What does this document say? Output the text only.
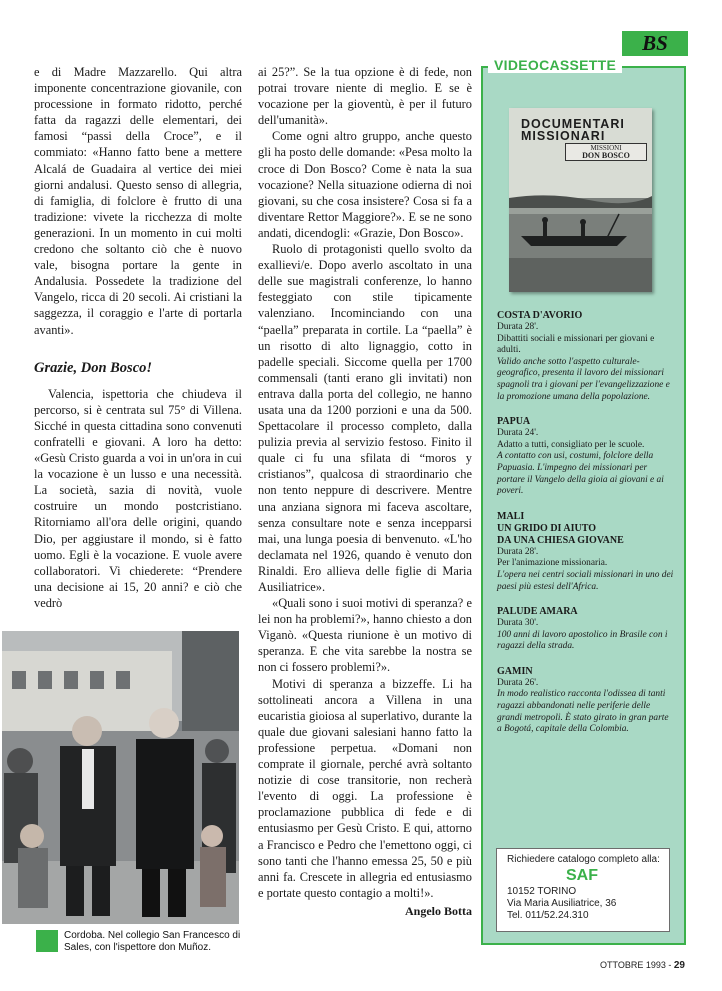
e di Madre Mazzarello. Qui altra imponente concentrazione giovanile, con processione in formato ridotto, perché fatta da ragazzi delle elementari, dei famosi “passi della Croce”, e il commiato: «Hanno fatto bene a mettere Alcalá de Guadaira al vertice dei miei giorni andalusi. Questo senso di allegria, di famiglia, di folclore è frutto di una tradizione: vivete la ricchezza di molte generazioni. In un momento in cui molti credono che soltanto ciò che è nuovo vale, bisogna portare la gente in Andalusia. Possedete la tradizione del Vangelo, ricca di 20 secoli. Ai cristiani la saggezza, il coraggio e l'arte di portarla avanti».

Grazie, Don Bosco!

Valencia, ispettoria che chiudeva il percorso, si è centrata sul 75° di Villena. Sicché in questa cittadina sono convenuti confratelli e giovani. A loro ha detto: «Gesù Cristo guarda a voi in un'ora in cui la vocazione è un lusso e una necessità. La società, sazia di novità, vuole costruire un mondo postcristiano. Ritorniamo all'ora delle origini, quando Dio, per aggiustare il mondo, si è fatto uomo. Egli è la vocazione. E vuole avere collaboratori. Vi chiederete: “Prendere una decisione ai 15, 20 anni? e ciò che vedrò

Cordoba. Nel collegio San Francesco di Sales, con l'ispettore don Muñoz.

ai 25?”. Se la tua opzione è di fede, non potrai trovare niente di meglio. E se è vocazione per la gioventù, è per il futuro dell'umanità».

Come ogni altro gruppo, anche questo gli ha posto delle domande: «Pesa molto la croce di Don Bosco? Come è nata la sua vocazione? Nella situazione odierna di noi giovani, su che cosa insistere? Cosa si fa a diventare Rettor Maggiore?». E se ne sono andati, dicendogli: «Grazie, Don Bosco».

Ruolo di protagonisti quello svolto da exallievi/e. Dopo averlo ascoltato in una delle sue magistrali conferenze, lo hanno festeggiato con stile tipicamente valenziano. Incominciando con una “paella” preparata in cortile. La “paella” è un risotto di alto lignaggio, cotto in padelle speciali. Siccome quella per 1700 commensali (tanti erano gli invitati) non entrava dalla porta del collegio, ne hanno usata una da 1200 porzioni e una da 500. Spettacolare il processo completo, dalla pulizia previa al servizio festoso. Finito il quale ci fu una sfilata di “moros y cristianos”, qualcosa di straordinario che non tento neppure di descrivere. Mentre una anziana signora mi faceva ascoltare, senza consultare note e senza incepparsi mai, una lunga poesia di benvenuto. «L'ho declamata nel 1926, quando è venuto don Rinaldi. Ero allieva delle figlie di Maria Ausiliatrice».

«Quali sono i suoi motivi di speranza? e lei non ha problemi?», hanno chiesto a don Viganò. «Questa riunione è un motivo di speranza. E che vita sarebbe la nostra se non ci fossero problemi?».

Motivi di speranza a bizzeffe. Li ha sottolineati ancora a Villena in una eucaristia gioiosa al superlativo, durante la quale due giovani salesiani hanno fatto la professione perpetua. «Domani non comprate il giornale, perché avrà soltanto notizie di cose transitorie, non recherà l'evento di oggi. La professione è proclamazione pubblica di fede e di entusiasmo per Gesù Cristo. E qui, attorno a Francisco e Pedro che l'emettono oggi, ci sono tanti che l'hanno emessa 25, 50 e più anni fa. Crescete in allegria ed entusiasmo e portate questo contagio a molti!».

Angelo Botta
BS
VIDEOCASSETTE
DOCUMENTARI
MISSIONARI
MISSIONI
DON BOSCO
COSTA D'AVORIO
Durata 28'.
Dibattiti sociali e missionari per giovani e adulti.
Valido anche sotto l'aspetto culturale-geografico, presenta il lavoro dei missionari spagnoli tra i giovani per l'evangelizzazione e la promozione umana della popolazione.
PAPUA
Durata 24'.
Adatto a tutti, consigliato per le scuole.
A contatto con usi, costumi, folclore della Papuasia. L'impegno dei missionari per portare il Vangelo della gioia ai giovani e ai poveri.
MALI
UN GRIDO DI AIUTO
DA UNA CHIESA GIOVANE
Durata 28'.
Per l'animazione missionaria.
L'opera nei centri sociali missionari in uno dei paesi più estesi dell'Africa.
PALUDE AMARA
Durata 30'.
100 anni di lavoro apostolico in Brasile con i ragazzi della strada.
GAMIN
Durata 26'.
In modo realistico racconta l'odissea di tanti ragazzi abbandonati nelle periferie delle grandi metropoli. È stato girato in gran parte a Bogotá, capitale della Colombia.
Richiedere catalogo completo alla:
SAF
10152 TORINO
Via Maria Ausiliatrice, 36
Tel. 011/52.24.310
OTTOBRE 1993 - 29
